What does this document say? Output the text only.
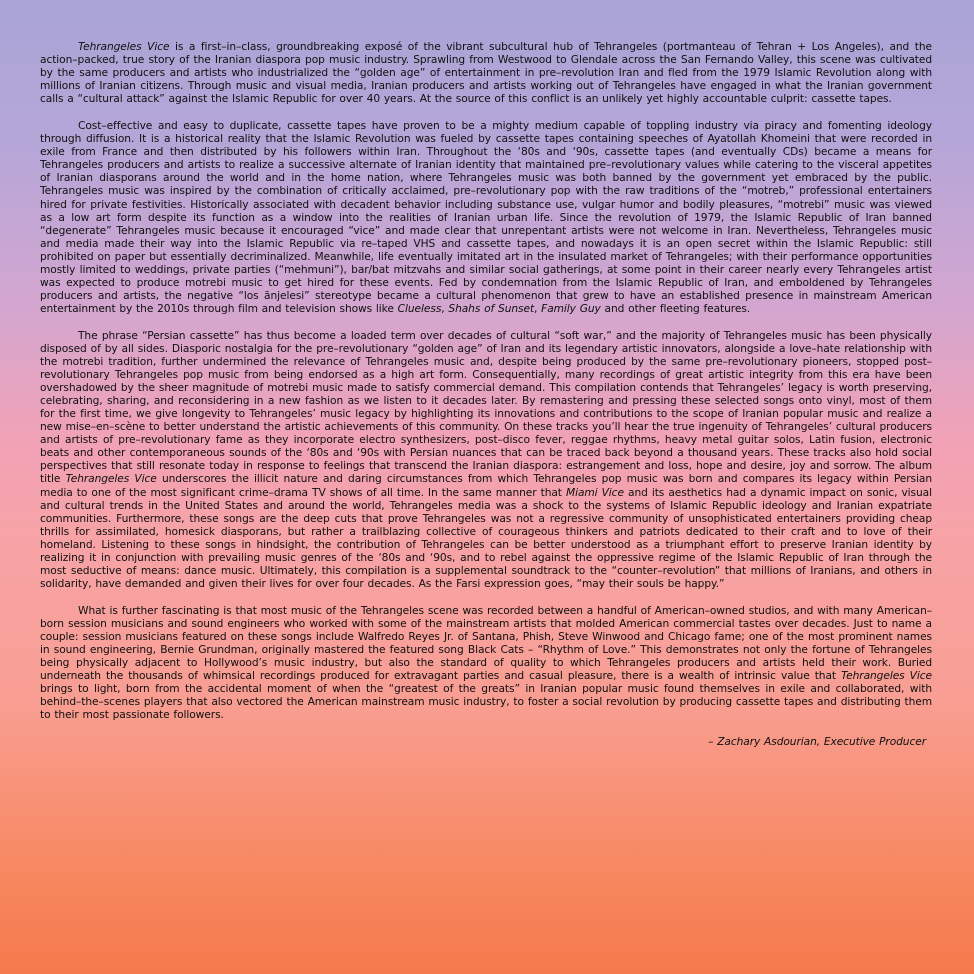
Tehrangeles Vice is a first–in–class, groundbreaking exposé of the vibrant subcultural hub of Tehrangeles (portmanteau of Tehran + Los Angeles), and the action–packed, true story of the Iranian diaspora pop music industry. Sprawling from Westwood to Glendale across the San Fernando Valley, this scene was cultivated by the same producers and artists who industrialized the “golden age” of entertainment in pre–revolution Iran and fled from the 1979 Islamic Revolution along with millions of Iranian citizens. Through music and visual media, Iranian producers and artists working out of Tehrangeles have engaged in what the Iranian government calls a “cultural attack” against the Islamic Republic for over 40 years. At the source of this conflict is an unlikely yet highly accountable culprit: cassette tapes.

Cost–effective and easy to duplicate, cassette tapes have proven to be a mighty medium capable of toppling industry via piracy and fomenting ideology through diffusion. It is a historical reality that the Islamic Revolution was fueled by cassette tapes containing speeches of Ayatollah Khomeini that were recorded in exile from France and then distributed by his followers within Iran. Throughout the ‘80s and ‘90s, cassette tapes (and eventually CDs) became a means for Tehrangeles producers and artists to realize a successive alternate of Iranian identity that maintained pre–revolutionary values while catering to the visceral appetites of Iranian diasporans around the world and in the home nation, where Tehrangeles music was both banned by the government yet embraced by the public. Tehrangeles music was inspired by the combination of critically acclaimed, pre–revolutionary pop with the raw traditions of the “motreb,” professional entertainers hired for private festivities. Historically associated with decadent behavior including substance use, vulgar humor and bodily pleasures, “motrebi” music was viewed as a low art form despite its function as a window into the realities of Iranian urban life. Since the revolution of 1979, the Islamic Republic of Iran banned “degenerate” Tehrangeles music because it encouraged “vice” and made clear that unrepentant artists were not welcome in Iran. Nevertheless, Tehrangeles music and media made their way into the Islamic Republic via re–taped VHS and cassette tapes, and nowadays it is an open secret within the Islamic Republic: still prohibited on paper but essentially decriminalized. Meanwhile, life eventually imitated art in the insulated market of Tehrangeles; with their performance opportunities mostly limited to weddings, private parties (“mehmuni”), bar/bat mitzvahs and similar social gatherings, at some point in their career nearly every Tehrangeles artist was expected to produce motrebi music to get hired for these events. Fed by condemnation from the Islamic Republic of Iran, and emboldened by Tehrangeles producers and artists, the negative “los ānjelesi” stereotype became a cultural phenomenon that grew to have an established presence in mainstream American entertainment by the 2010s through film and television shows like Clueless, Shahs of Sunset, Family Guy and other fleeting features.

The phrase “Persian cassette” has thus become a loaded term over decades of cultural “soft war,” and the majority of Tehrangeles music has been physically disposed of by all sides. Diasporic nostalgia for the pre–revolutionary “golden age” of Iran and its legendary artistic innovators, alongside a love–hate relationship with the motrebi tradition, further undermined the relevance of Tehrangeles music and, despite being produced by the same pre–revolutionary pioneers, stopped post–revolutionary Tehrangeles pop music from being endorsed as a high art form. Consequentially, many recordings of great artistic integrity from this era have been overshadowed by the sheer magnitude of motrebi music made to satisfy commercial demand. This compilation contends that Tehrangeles’ legacy is worth preserving, celebrating, sharing, and reconsidering in a new fashion as we listen to it decades later. By remastering and pressing these selected songs onto vinyl, most of them for the first time, we give longevity to Tehrangeles’ music legacy by highlighting its innovations and contributions to the scope of Iranian popular music and realize a new mise–en–scène to better understand the artistic achievements of this community. On these tracks you’ll hear the true ingenuity of Tehrangeles’ cultural producers and artists of pre–revolutionary fame as they incorporate electro synthesizers, post–disco fever, reggae rhythms, heavy metal guitar solos, Latin fusion, electronic beats and other contemporaneous sounds of the ‘80s and ‘90s with Persian nuances that can be traced back beyond a thousand years. These tracks also hold social perspectives that still resonate today in response to feelings that transcend the Iranian diaspora: estrangement and loss, hope and desire, joy and sorrow. The album title Tehrangeles Vice underscores the illicit nature and daring circumstances from which Tehrangeles pop music was born and compares its legacy within Persian media to one of the most significant crime–drama TV shows of all time. In the same manner that Miami Vice and its aesthetics had a dynamic impact on sonic, visual and cultural trends in the United States and around the world, Tehrangeles media was a shock to the systems of Islamic Republic ideology and Iranian expatriate communities. Furthermore, these songs are the deep cuts that prove Tehrangeles was not a regressive community of unsophisticated entertainers providing cheap thrills for assimilated, homesick diasporans, but rather a trailblazing collective of courageous thinkers and patriots dedicated to their craft and to love of their homeland. Listening to these songs in hindsight, the contribution of Tehrangeles can be better understood as a triumphant effort to preserve Iranian identity by realizing it in conjunction with prevailing music genres of the ‘80s and ‘90s, and to rebel against the oppressive regime of the Islamic Republic of Iran through the most seductive of means: dance music. Ultimately, this compilation is a supplemental soundtrack to the “counter–revolution” that millions of Iranians, and others in solidarity, have demanded and given their lives for over four decades. As the Farsi expression goes, “may their souls be happy.”

What is further fascinating is that most music of the Tehrangeles scene was recorded between a handful of American–owned studios, and with many American–born session musicians and sound engineers who worked with some of the mainstream artists that molded American commercial tastes over decades. Just to name a couple: session musicians featured on these songs include Walfredo Reyes Jr. of Santana, Phish, Steve Winwood and Chicago fame; one of the most prominent names in sound engineering, Bernie Grundman, originally mastered the featured song Black Cats – “Rhythm of Love.” This demonstrates not only the fortune of Tehrangeles being physically adjacent to Hollywood’s music industry, but also the standard of quality to which Tehrangeles producers and artists held their work. Buried underneath the thousands of whimsical recordings produced for extravagant parties and casual pleasure, there is a wealth of intrinsic value that Tehrangeles Vice brings to light, born from the accidental moment of when the “greatest of the greats” in Iranian popular music found themselves in exile and collaborated, with behind–the–scenes players that also vectored the American mainstream music industry, to foster a social revolution by producing cassette tapes and distributing them to their most passionate followers.

– Zachary Asdourian, Executive Producer
